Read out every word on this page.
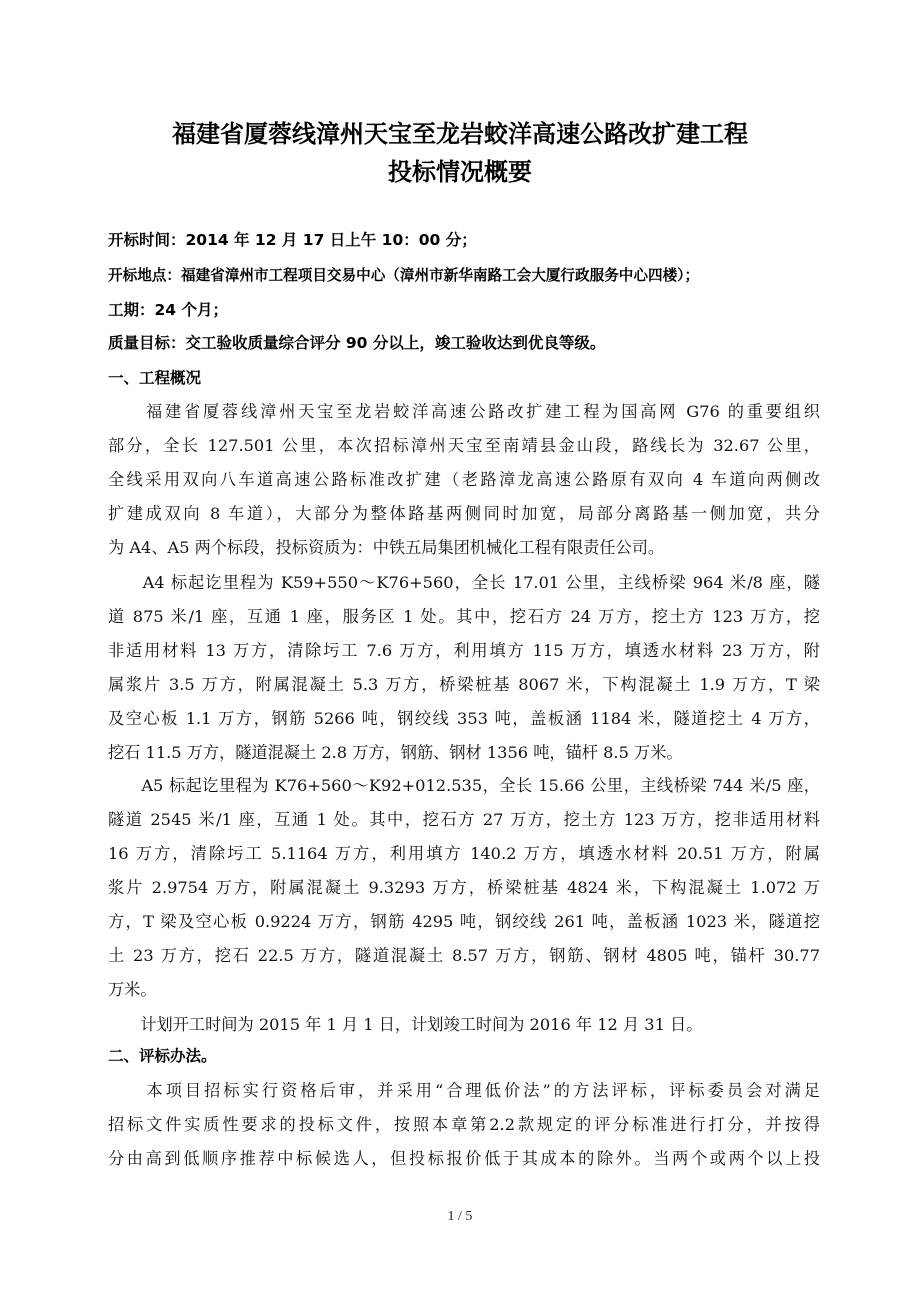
福建省厦蓉线漳州天宝至龙岩蛟洋高速公路改扩建工程
投标情况概要
开标时间：2014 年 12 月 17 日上午 10：00 分；
开标地点：福建省漳州市工程项目交易中心（漳州市新华南路工会大厦行政服务中心四楼）；
工期：24 个月；
质量目标：交工验收质量综合评分 90 分以上，竣工验收达到优良等级。
一、工程概况
　　福建省厦蓉线漳州天宝至龙岩蛟洋高速公路改扩建工程为国高网 G76 的重要组织
部分，全长 127.501 公里，本次招标漳州天宝至南靖县金山段，路线长为 32.67 公里，
全线采用双向八车道高速公路标准改扩建（老路漳龙高速公路原有双向 4 车道向两侧改
扩建成双向 8 车道），大部分为整体路基两侧同时加宽，局部分离路基一侧加宽，共分
为 A4、A5 两个标段，投标资质为：中铁五局集团机械化工程有限责任公司。
　　A4 标起讫里程为 K59+550～K76+560，全长 17.01 公里，主线桥梁 964 米/8 座，隧
道 875 米/1 座，互通 1 座，服务区 1 处。其中，挖石方 24 万方，挖土方 123 万方，挖
非适用材料 13 万方，清除圬工 7.6 万方，利用填方 115 万方，填透水材料 23 万方，附
属浆片 3.5 万方，附属混凝土 5.3 万方，桥梁桩基 8067 米，下构混凝土 1.9 万方，T 梁
及空心板 1.1 万方，钢筋 5266 吨，钢绞线 353 吨，盖板涵 1184 米，隧道挖土 4 万方，
挖石 11.5 万方，隧道混凝土 2.8 万方，钢筋、钢材 1356 吨，锚杆 8.5 万米。
　　A5 标起讫里程为 K76+560～K92+012.535，全长 15.66 公里，主线桥梁 744 米/5 座，
隧道 2545 米/1 座，互通 1 处。其中，挖石方 27 万方，挖土方 123 万方，挖非适用材料
16 万方，清除圬工 5.1164 万方，利用填方 140.2 万方，填透水材料 20.51 万方，附属
浆片 2.9754 万方，附属混凝土 9.3293 万方，桥梁桩基 4824 米，下构混凝土 1.072 万
方，T 梁及空心板 0.9224 万方，钢筋 4295 吨，钢绞线 261 吨，盖板涵 1023 米，隧道挖
土 23 万方，挖石 22.5 万方，隧道混凝土 8.57 万方，钢筋、钢材 4805 吨，锚杆 30.77
万米。
　　计划开工时间为 2015 年 1 月 1 日，计划竣工时间为 2016 年 12 月 31 日。
二、评标办法。
　　本项目招标实行资格后审，并采用“合理低价法”的方法评标，评标委员会对满足
招标文件实质性要求的投标文件，按照本章第2.2款规定的评分标准进行打分，并按得
分由高到低顺序推荐中标候选人，但投标报价低于其成本的除外。当两个或两个以上投
1 / 5
